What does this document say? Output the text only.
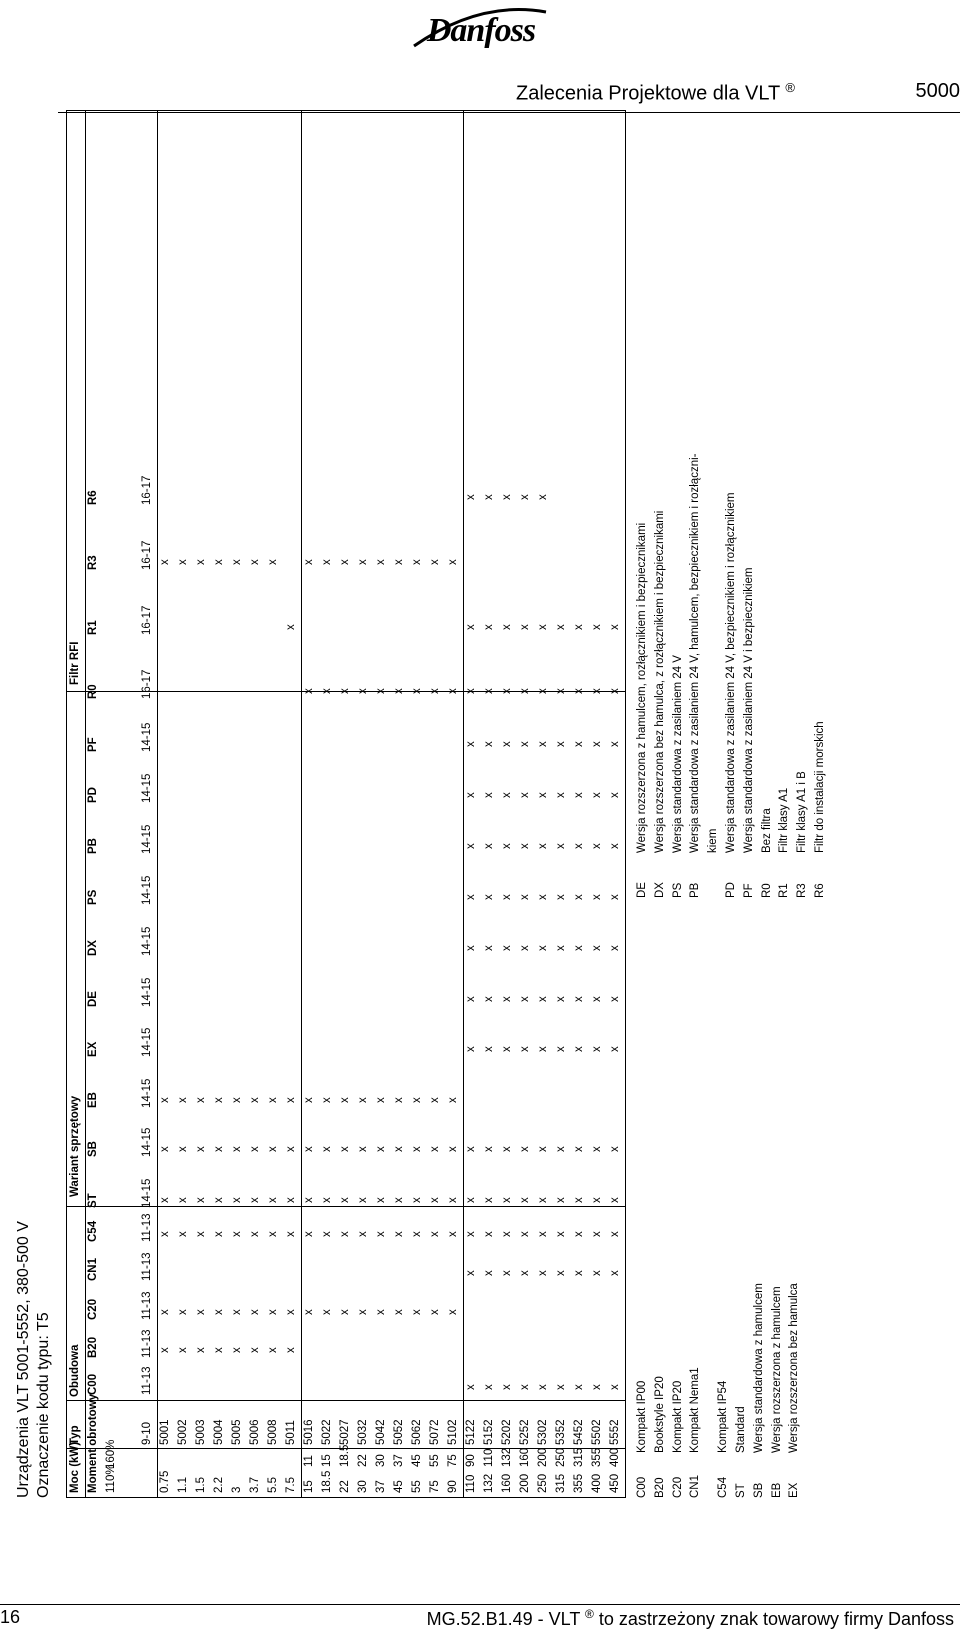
Danfoss
Zalecenia Projektowe dla VLT ®	5000
Urządzenia VLT 5001-5552, 380-500 V Oznaczenie kodu typu: T5 Moc (kW)
Typ
Obudowa
Wariant sprzętowy
Filtr RFI
Moment obrotowy
C00
B20
C20
CN1
C54
ST
SB
EB
EX
DE
DX
PS
PB
PD
PF
R0
R1
R3
R6
110%
160%
9-10
11-13
11-13
11-13
11-13
11-13
14-15
14-15
14-15
14-15
14-15
14-15
14-15
14-15
14-15
14-15
16-17
16-17
16-17
16-17
0.75
5001
x
x
x
x
x
x
x
1.1
5002
x
x
x
x
x
x
x
1.5
5003
x
x
x
x
x
x
x
2.2
5004
x
x
x
x
x
x
x
3
5005
x
x
x
x
x
x
x
3.7
5006
x
x
x
x
x
x
x
5.5
5008
x
x
x
x
x
x
x
7.5
5011
x
x
x
x
x
x
x
15
11
5016
x
x
x
x
x
x
x
18.5
15
5022
x
x
x
x
x
x
x
22
18.5
5027
x
x
x
x
x
x
x
30
22
5032
x
x
x
x
x
x
x
37
30
5042
x
x
x
x
x
x
x
45
37
5052
x
x
x
x
x
x
x
55
45
5062
x
x
x
x
x
x
x
75
55
5072
x
x
x
x
x
x
x
90
75
5102
x
x
x
x
x
x
x
110
90
5122
x
x
x
x
x
x
x
x
x
x
x
x
x
x
x
132
110
5152
x
x
x
x
x
x
x
x
x
x
x
x
x
x
x
160
132
5202
x
x
x
x
x
x
x
x
x
x
x
x
x
x
x
200
160
5252
x
x
x
x
x
x
x
x
x
x
x
x
x
x
x
250
200
5302
x
x
x
x
x
x
x
x
x
x
x
x
x
x
x
315
250
5352
x
x
x
x
x
x
x
x
x
x
x
x
x
x
355
315
5452
x
x
x
x
x
x
x
x
x
x
x
x
x
x
400
355
5502
x
x
x
x
x
x
x
x
x
x
x
x
x
x
450
400
5552
x
x
x
x
x
x
x
x
x
x
x
x
x
x
C00
Kompakt IP00
B20
Bookstyle IP20
C20
Kompakt IP20
CN1
Kompakt Nema1
C54
Kompakt IP54
ST
Standard
SB
Wersja standardowa z hamulcem
EB
Wersja rozszerzona z hamulcem
EX
Wersja rozszerzona bez hamulca
DE
Wersja rozszerzona z hamulcem, rozłącznikiem i bezpiecznikami
DX
Wersja rozszerzona bez hamulca, z rozłącznikiem i bezpiecznikami
PS
Wersja standardowa z zasilaniem 24 V
PB
Wersja standardowa z zasilaniem 24 V, hamulcem, bezpiecznikiem i rozłączni- kiem
PD
Wersja standardowa z zasilaniem 24 V, bezpiecznikiem i rozłącznikiem
PF
Wersja standardowa z zasilaniem 24 V i bezpiecznikiem
R0
Bez filtra
R1
Filtr klasy A1
R3
Filtr klasy A1 i B
R6
Filtr do instalacji morskich
16	MG.52.B1.49 - VLT ® to zastrzeżony znak towarowy firmy Danfoss
